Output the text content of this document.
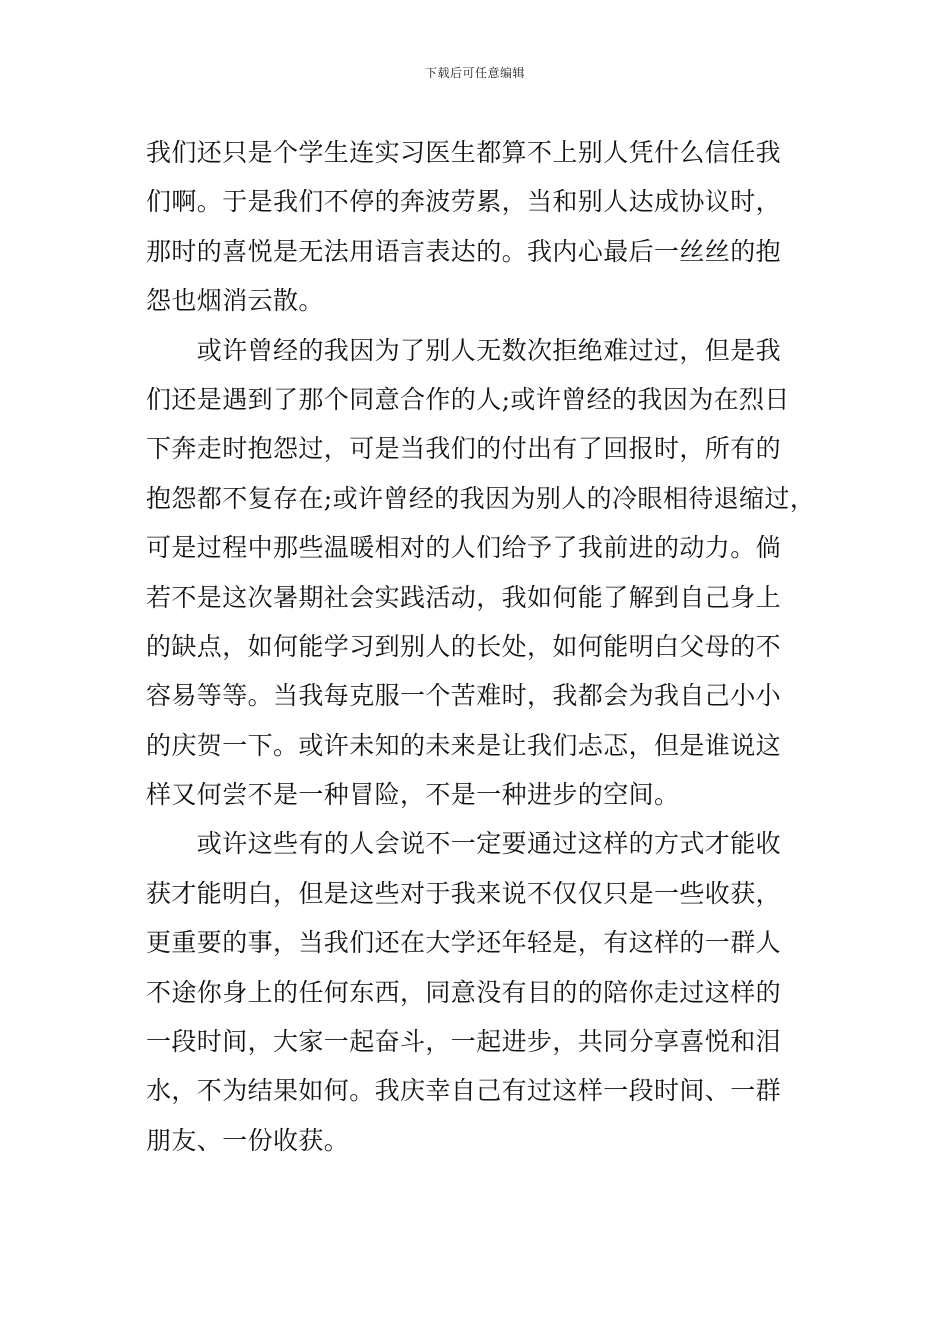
下载后可任意编辑
我们还只是个学生连实习医生都算不上别人凭什么信任我
们啊。于是我们不停的奔波劳累，当和别人达成协议时，
那时的喜悦是无法用语言表达的。我内心最后一丝丝的抱
怨也烟消云散。
　　或许曾经的我因为了别人无数次拒绝难过过，但是我
们还是遇到了那个同意合作的人;或许曾经的我因为在烈日
下奔走时抱怨过，可是当我们的付出有了回报时，所有的
抱怨都不复存在;或许曾经的我因为别人的冷眼相待退缩过，
可是过程中那些温暖相对的人们给予了我前进的动力。倘
若不是这次暑期社会实践活动，我如何能了解到自己身上
的缺点，如何能学习到别人的长处，如何能明白父母的不
容易等等。当我每克服一个苦难时，我都会为我自己小小
的庆贺一下。或许未知的未来是让我们忐忑，但是谁说这
样又何尝不是一种冒险，不是一种进步的空间。
　　或许这些有的人会说不一定要通过这样的方式才能收
获才能明白，但是这些对于我来说不仅仅只是一些收获，
更重要的事，当我们还在大学还年轻是，有这样的一群人
不途你身上的任何东西，同意没有目的的陪你走过这样的
一段时间，大家一起奋斗，一起进步，共同分享喜悦和泪
水，不为结果如何。我庆幸自己有过这样一段时间、一群
朋友、一份收获。
